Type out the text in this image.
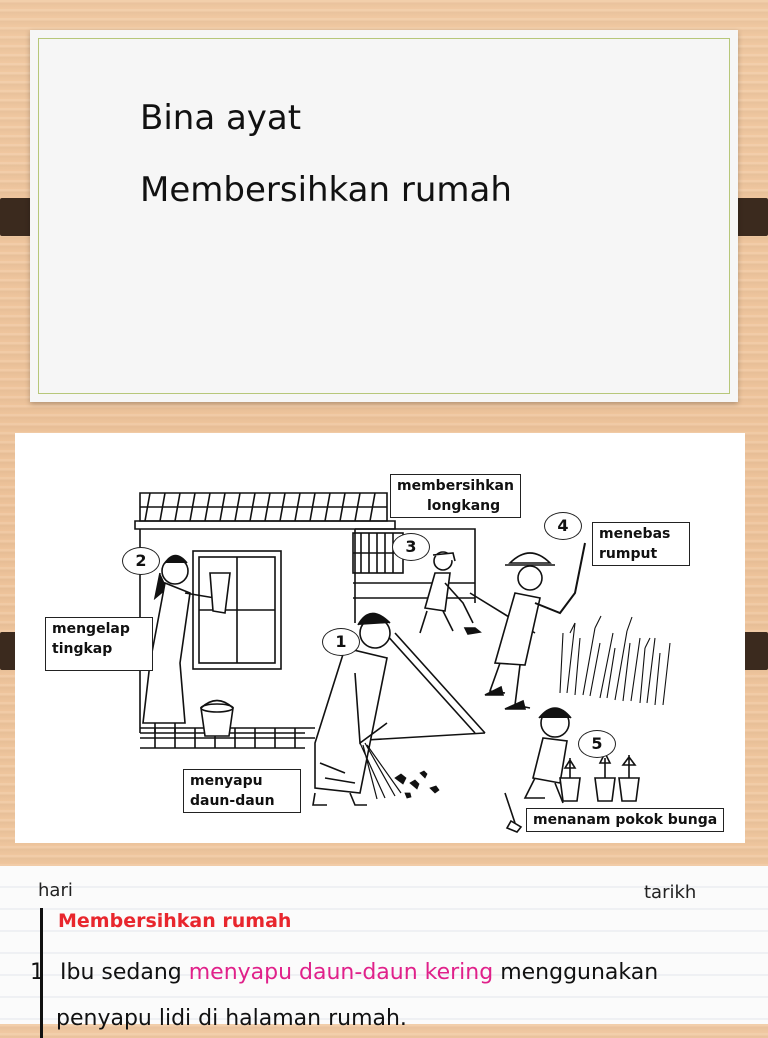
Bina ayat
Membersihkan rumah
1
2
3
4
5
membersihkan
longkang
menebas
rumput
mengelap
tingkap
menyapu
daun-daun
menanam pokok bunga
hari	tarikh
Membersihkan rumah
1 Ibu sedang menyapu daun-daun kering menggunakan
penyapu lidi di halaman rumah.
